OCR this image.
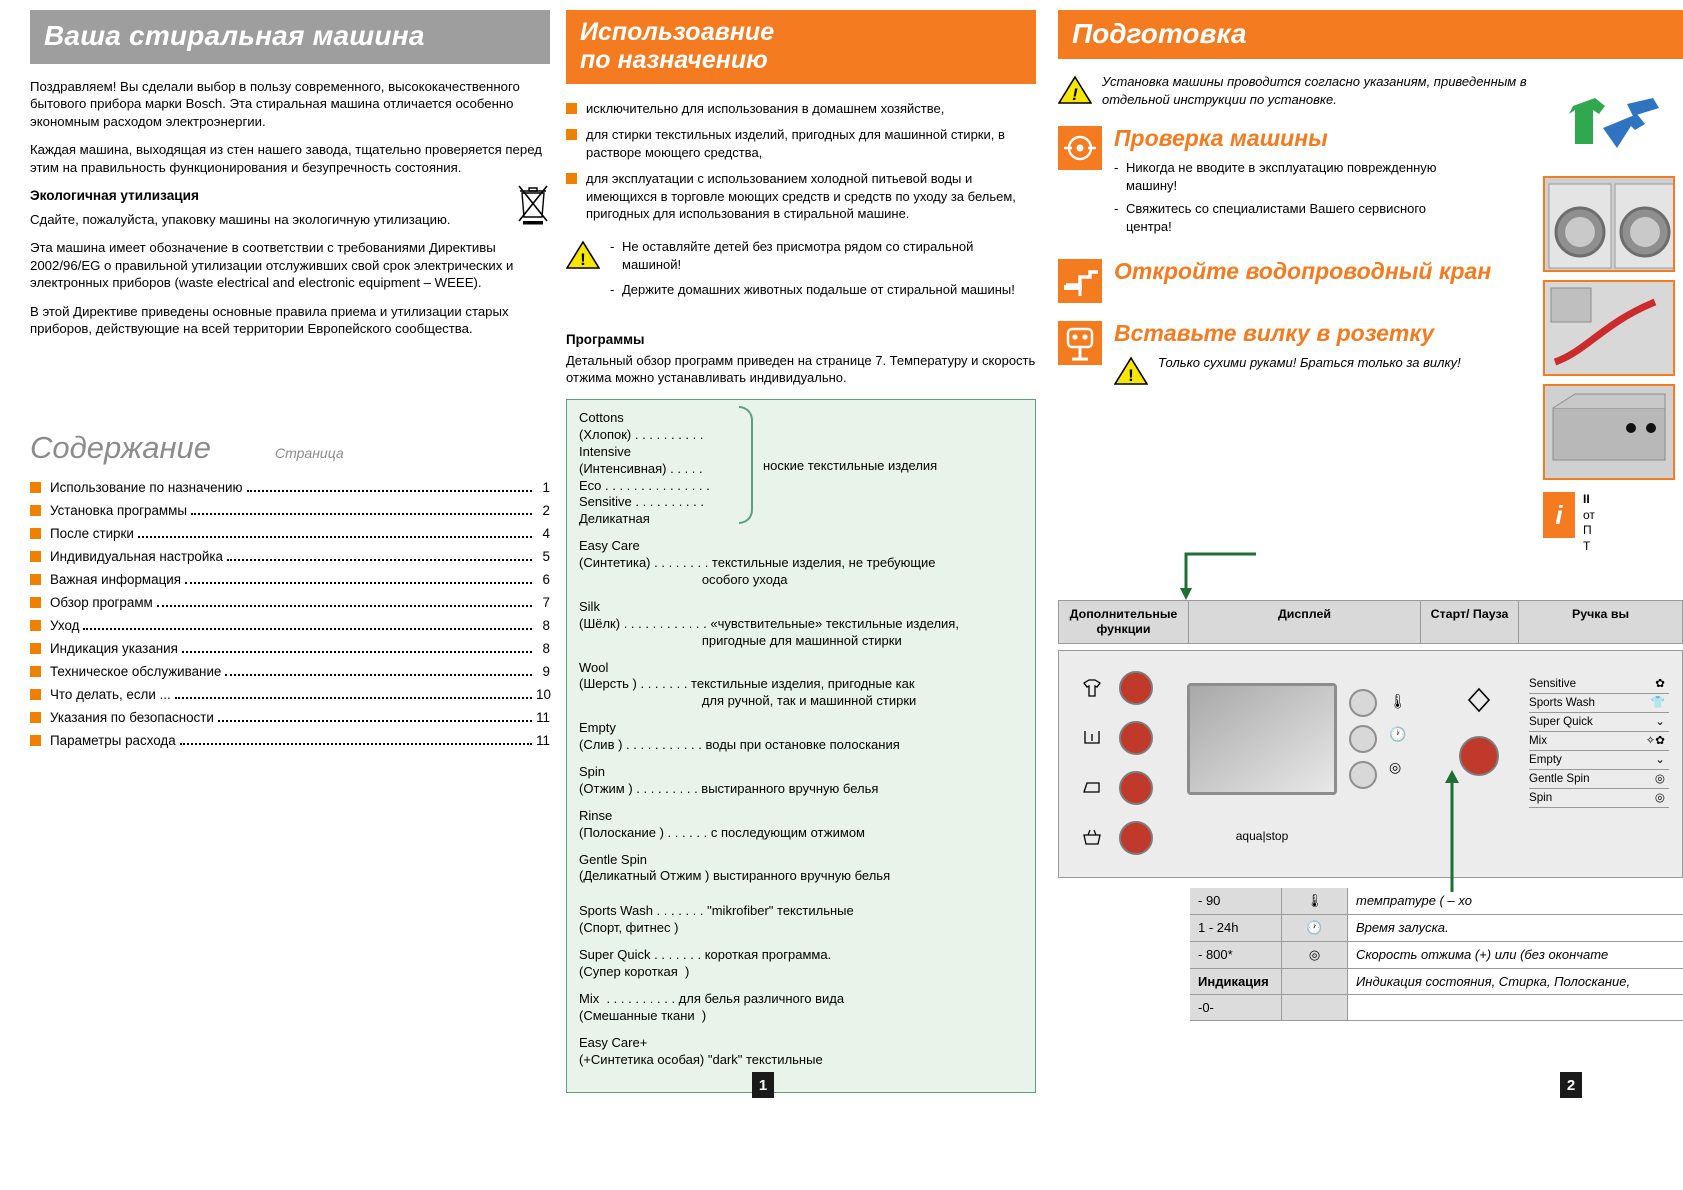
Ваша стиральная машина

Поздравляем! Вы сделали выбор в пользу современного, высококачественного бытового прибора марки Bosch. Эта стиральная машина отличается особенно экономным расходом электроэнергии.

Каждая машина, выходящая из стен нашего завода, тщательно проверяется перед этим на правильность функционирования и безупречность состояния.

Экологичная утилизация

Сдайте, пожалуйста, упаковку машины на экологичную утилизацию.

Эта машина имеет обозначение в соответствии с требованиями Директивы 2002/96/EG о правильной утилизации отслуживших свой срок электрических и электронных приборов (waste electrical and electronic equipment – WEEE).

В этой Директиве приведены основные правила приема и утилизации старых приборов, действующие на всей территории Европейского сообщества.

Содержание	Страница
Использование по назначению	1
Установка программы	2
После стирки	4
Индивидуальная настройка	5
Важная информация	6
Обзор программ	7
Уход	8
Индикация указания	8
Техническое обслуживание	9
Что делать, если ...	10
Указания по безопасности	11
Параметры расхода	11
Использоавние
по назначению
исключительно для использования в домашнем хозяйстве,
для стирки текстильных изделий, пригодных для машинной стирки, в растворе моющего средства,
для эксплуатации с использованием холодной питьевой воды и имеющихся в торговле моющих средств и средств по уходу за бельем, пригодных для использования в стиральной машине.
!
- Не оставляйте детей без присмотра рядом со стиральной машиной!
- Держите домашних животных подальше от стиральной машины!
Программы
Детальный обзор программ приведен на странице 7. Температуру и скорость отжима можно устанавливать индивидуально.
ноские текстильные изделия
Cottons
(Хлопок) . . . . . . . . . .
Intensive
(Интенсивная) . . . . .
Eco . . . . . . . . . . . . . . .
Sensitive . . . . . . . . . .
Деликатная
Easy Care
(Синтетика) . . . . . . . . текстильные изделия, не требующие
особого ухода
Silk
(Шёлк) . . . . . . . . . . . . «чувствительные» текстильные изделия,
пригодные для машинной стирки
Wool
(Шерсть ) . . . . . . . текстильные изделия, пригодные как
для ручной, так и машинной стирки
Empty
(Слив ) . . . . . . . . . . . воды при остановке полоскания
Spin
(Отжим ) . . . . . . . . . выстиранного вручную белья
Rinse
(Полоскание ) . . . . . . с последующим отжимом
Gentle Spin
(Деликатный Отжим ) выстиранного вручную белья
Sports Wash . . . . . . . "mikrofiber" текстильные
(Спорт, фитнес )
Super Quick . . . . . . . короткая программа.
(Супер короткая  )
Mix  . . . . . . . . . . для белья различного вида
(Смешанные ткани  )
Easy Care+
(+Синтетика особая) "dark" текстильные
Подготовка
!
Установка машины проводится согласно указаниям, приведенным в отдельной инструкции по установке.
Проверка машины
- Никогда не вводите в эксплуатацию поврежденную машину!
- Свяжитесь со специалистами Вашего сервисного центра!
Откройте водопроводный кран
Вставьте вилку в розетку
!
Только сухими руками! Браться только за вилку!
i
II
от
П
Т
Дополнительные функции
Дисплей	Старт/ Пауза	Ручка вы
aqua|stop
🌡
🕐
◎
Sensitive	✿
Sports Wash	👕
Super Quick	⌄
Mix	✧✿
Empty	⌄
Gentle Spin	◎
Spin	◎
- 90	🌡	темпратуре ( – хо
1 - 24h	🕐	Время залуска.
- 800*	◎	Скорость отжима (+) или (без окончате
Индикация	Индикация состояния, Стирка, Полоскание,
-0-
1	2
